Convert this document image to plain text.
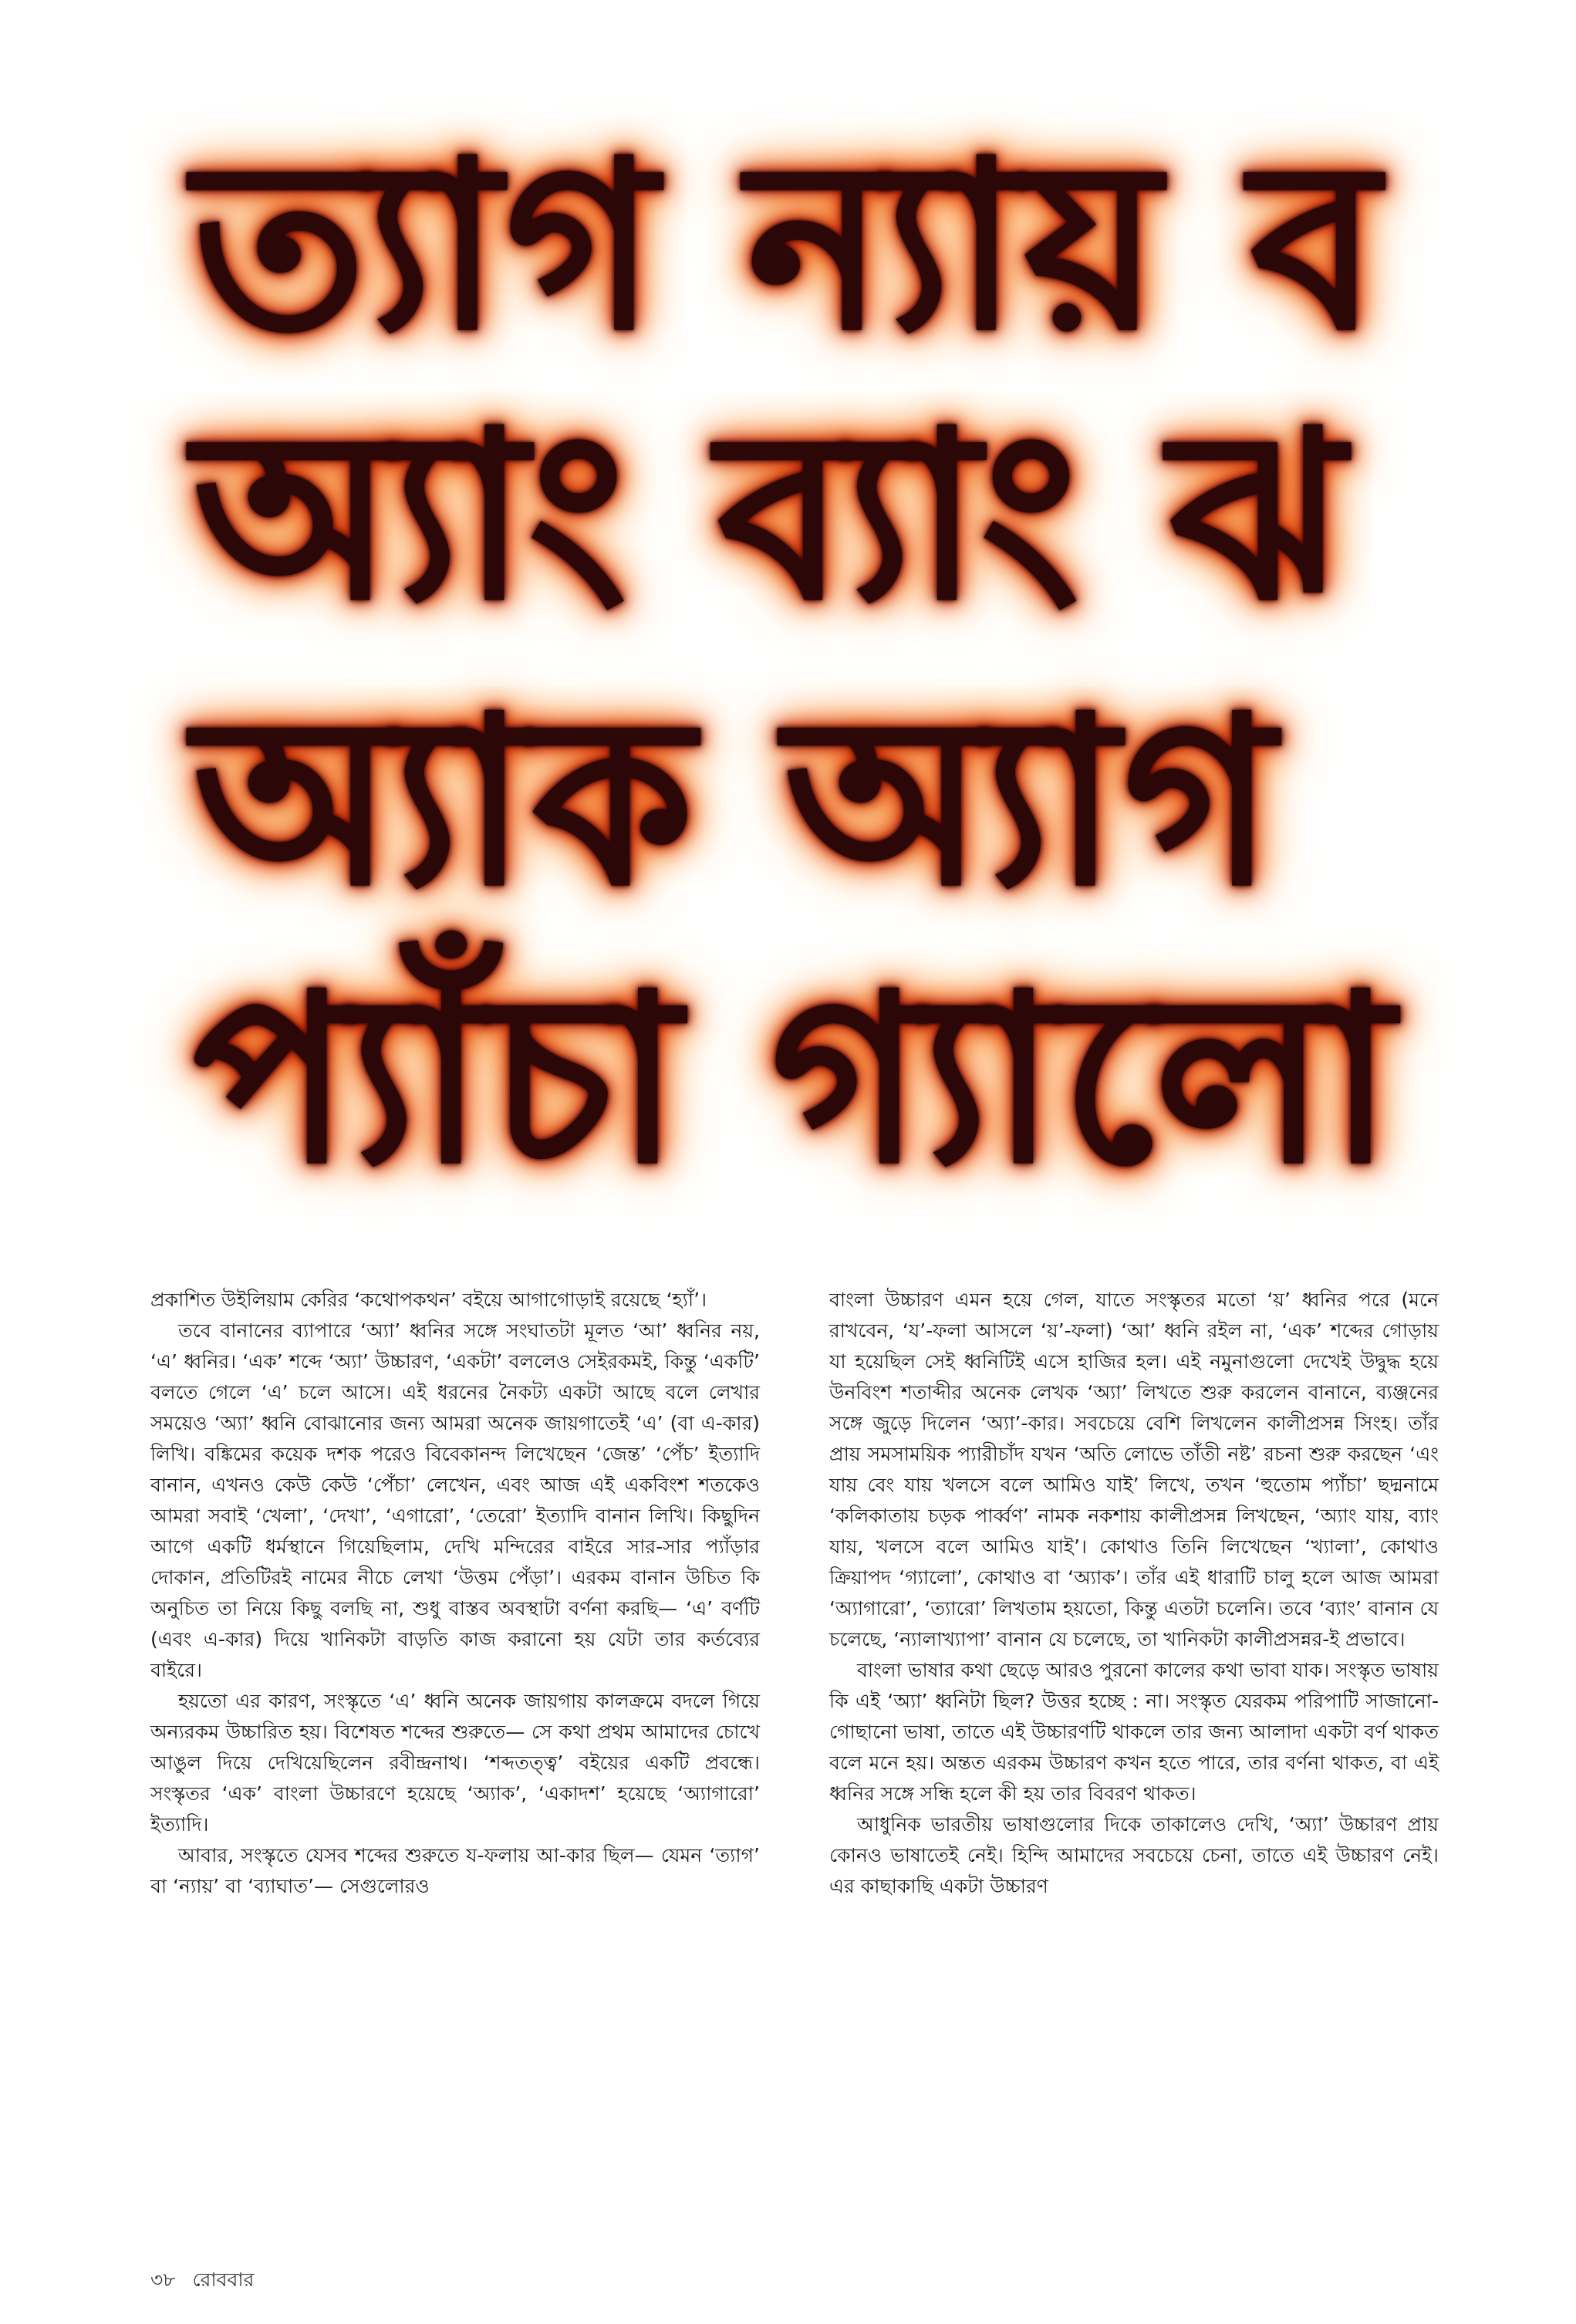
ত্যাগ ন্যায় ব
অ্যাং ব্যাং ঝ
অ্যাক অ্যাগ
প্যাঁচা গ্যালো

প্রকাশিত উইলিয়াম কেরির ‘কথোপকথন’ বইয়ে আগাগোড়াই রয়েছে ‘হ্যাঁ’।

তবে বানানের ব্যাপারে ‘অ্যা’ ধ্বনির সঙ্গে সংঘাতটা মূলত ‘আ’ ধ্বনির নয়, ‘এ’ ধ্বনির। ‘এক’ শব্দে ‘অ্যা’ উচ্চারণ, ‘একটা’ বললেও সেইরকমই, কিন্তু ‘একটি’ বলতে গেলে ‘এ’ চলে আসে। এই ধরনের নৈকট্য একটা আছে বলে লেখার সময়েও ‘অ্যা’ ধ্বনি বোঝানোর জন্য আমরা অনেক জায়গাতেই ‘এ’ (বা এ-কার) লিখি। বঙ্কিমের কয়েক দশক পরেও বিবেকানন্দ লিখেছেন ‘জেন্ত’ ‘পেঁচ’ ইত্যাদি বানান, এখনও কেউ কেউ ‘পেঁচা’ লেখেন, এবং আজ এই একবিংশ শতকেও আমরা সবাই ‘খেলা’, ‘দেখা’, ‘এগারো’, ‘তেরো’ ইত্যাদি বানান লিখি। কিছুদিন আগে একটি ধর্মস্থানে গিয়েছিলাম, দেখি মন্দিরের বাইরে সার-সার প্যাঁড়ার দোকান, প্রতিটিরই নামের নীচে লেখা ‘উত্তম পেঁড়া’। এরকম বানান উচিত কি অনুচিত তা নিয়ে কিছু বলছি না, শুধু বাস্তব অবস্থাটা বর্ণনা করছি— ‘এ’ বর্ণটি (এবং এ-কার) দিয়ে খানিকটা বাড়তি কাজ করানো হয় যেটা তার কর্তব্যের বাইরে।

হয়তো এর কারণ, সংস্কৃতে ‘এ’ ধ্বনি অনেক জায়গায় কালক্রমে বদলে গিয়ে অন্যরকম উচ্চারিত হয়। বিশেষত শব্দের শুরুতে— সে কথা প্রথম আমাদের চোখে আঙুল দিয়ে দেখিয়েছিলেন রবীন্দ্রনাথ। ‘শব্দতত্ত্ব’ বইয়ের একটি প্রবন্ধে। সংস্কৃতর ‘এক’ বাংলা উচ্চারণে হয়েছে ‘অ্যাক’, ‘একাদশ’ হয়েছে ‘অ্যাগারো’ ইত্যাদি।

আবার, সংস্কৃতে যেসব শব্দের শুরুতে য-ফলায় আ-কার ছিল— যেমন ‘ত্যাগ’ বা ‘ন্যায়’ বা ‘ব্যাঘাত’— সেগুলোরও

বাংলা উচ্চারণ এমন হয়ে গেল, যাতে সংস্কৃতর মতো ‘য়’ ধ্বনির পরে (মনে রাখবেন, ‘য’-ফলা আসলে ‘য়’-ফলা) ‘আ’ ধ্বনি রইল না, ‘এক’ শব্দের গোড়ায় যা হয়েছিল সেই ধ্বনিটিই এসে হাজির হল। এই নমুনাগুলো দেখেই উদ্বুদ্ধ হয়ে উনবিংশ শতাব্দীর অনেক লেখক ‘অ্যা’ লিখতে শুরু করলেন বানানে, ব্যঞ্জনের সঙ্গে জুড়ে দিলেন ‘অ্যা’-কার। সবচেয়ে বেশি লিখলেন কালীপ্রসন্ন সিংহ। তাঁর প্রায় সমসাময়িক প্যারীচাঁদ যখন ‘অতি লোভে তাঁতী নষ্ট’ রচনা শুরু করছেন ‘এং যায় বেং যায় খলসে বলে আমিও যাই’ লিখে, তখন ‘হুতোম প্যাঁচা’ ছদ্মনামে ‘কলিকাতায় চড়ক পার্ব্বণ’ নামক নকশায় কালীপ্রসন্ন লিখছেন, ‘অ্যাং যায়, ব্যাং যায়, খলসে বলে আমিও যাই’। কোথাও তিনি লিখেছেন ‘খ্যালা’, কোথাও ক্রিয়াপদ ‘গ্যালো’, কোথাও বা ‘অ্যাক’। তাঁর এই ধারাটি চালু হলে আজ আমরা ‘অ্যাগারো’, ‘ত্যারো’ লিখতাম হয়তো, কিন্তু এতটা চলেনি। তবে ‘ব্যাং’ বানান যে চলেছে, ‘ন্যালাখ্যাপা’ বানান যে চলেছে, তা খানিকটা কালীপ্রসন্নর-ই প্রভাবে।

বাংলা ভাষার কথা ছেড়ে আরও পুরনো কালের কথা ভাবা যাক। সংস্কৃত ভাষায় কি এই ‘অ্যা’ ধ্বনিটা ছিল? উত্তর হচ্ছে : না। সংস্কৃত যেরকম পরিপাটি সাজানো-গোছানো ভাষা, তাতে এই উচ্চারণটি থাকলে তার জন্য আলাদা একটা বর্ণ থাকত বলে মনে হয়। অন্তত এরকম উচ্চারণ কখন হতে পারে, তার বর্ণনা থাকত, বা এই ধ্বনির সঙ্গে সন্ধি হলে কী হয় তার বিবরণ থাকত।

আধুনিক ভারতীয় ভাষাগুলোর দিকে তাকালেও দেখি, ‘অ্যা’ উচ্চারণ প্রায় কোনও ভাষাতেই নেই। হিন্দি আমাদের সবচেয়ে চেনা, তাতে এই উচ্চারণ নেই। এর কাছাকাছি একটা উচ্চারণ

৩৮ রোববার
